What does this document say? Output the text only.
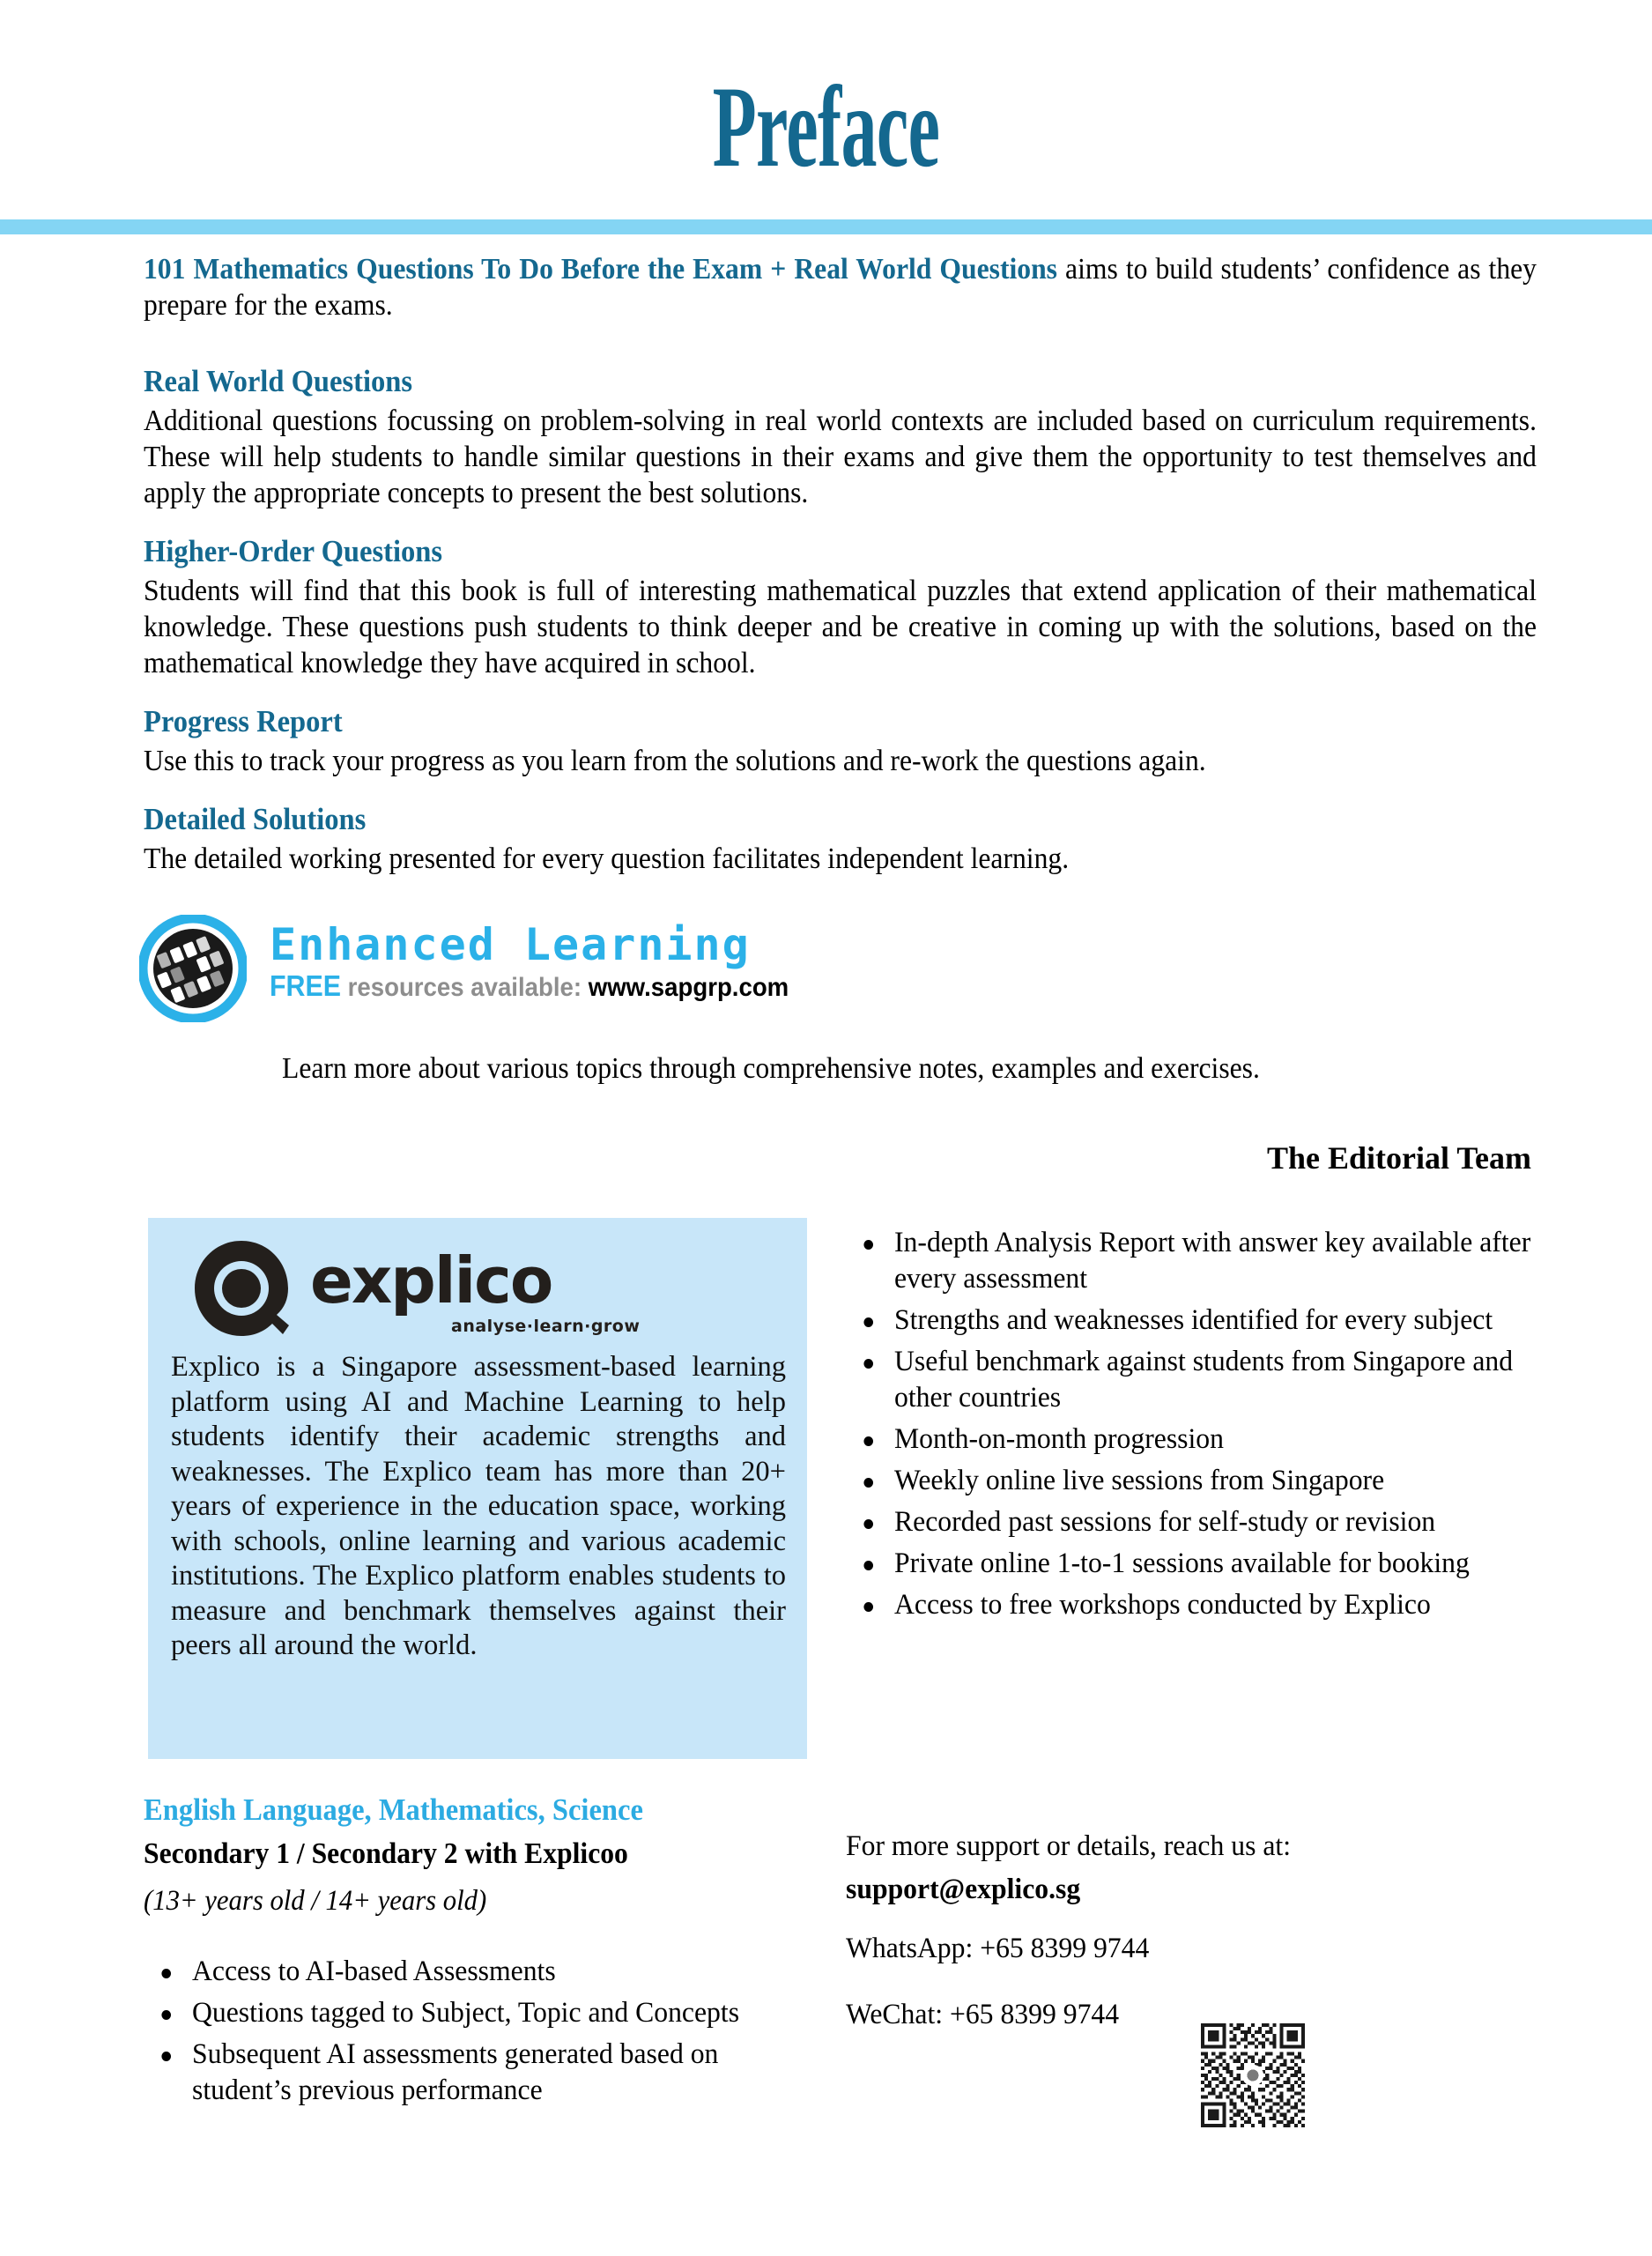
Preface

101 Mathematics Questions To Do Before the Exam + Real World Questions aims to build students’ confidence as they prepare for the exams.

Real World Questions

Additional questions focussing on problem-solving in real world contexts are included based on curriculum requirements. These will help students to handle similar questions in their exams and give them the opportunity to test themselves and apply the appropriate concepts to present the best solutions.

Higher-Order Questions

Students will find that this book is full of interesting mathematical puzzles that extend application of their mathematical knowledge. These questions push students to think deeper and be creative in coming up with the solutions, based on the mathematical knowledge they have acquired in school.

Progress Report

Use this to track your progress as you learn from the solutions and re-work the questions again.

Detailed Solutions

The detailed working presented for every question facilitates independent learning.

Enhanced Learning
FREE resources available: www.sapgrp.com
Learn more about various topics through comprehensive notes, examples and exercises.
The Editorial Team
explico
analyse·learn·grow
Explico is a Singapore assessment-based learning platform using AI and Machine Learning to help students identify their academic strengths and weaknesses. The Explico team has more than 20+ years of experience in the education space, working with schools, online learning and various academic institutions. The Explico platform enables students to measure and benchmark themselves against their peers all around the world.
In-depth Analysis Report with answer key available after every assessment
Strengths and weaknesses identified for every subject
Useful benchmark against students from Singapore and other countries
Month-on-month progression
Weekly online live sessions from Singapore
Recorded past sessions for self-study or revision
Private online 1-to-1 sessions available for booking
Access to free workshops conducted by Explico

For more support or details, reach us at:

support@explico.sg

WhatsApp: +65 8399 9744

WeChat: +65 8399 9744

English Language, Mathematics, Science
Secondary 1 / Secondary 2 with Explicoo
(13+ years old / 14+ years old)
Access to AI-based Assessments
Questions tagged to Subject, Topic and Concepts
Subsequent AI assessments generated based on student’s previous performance
